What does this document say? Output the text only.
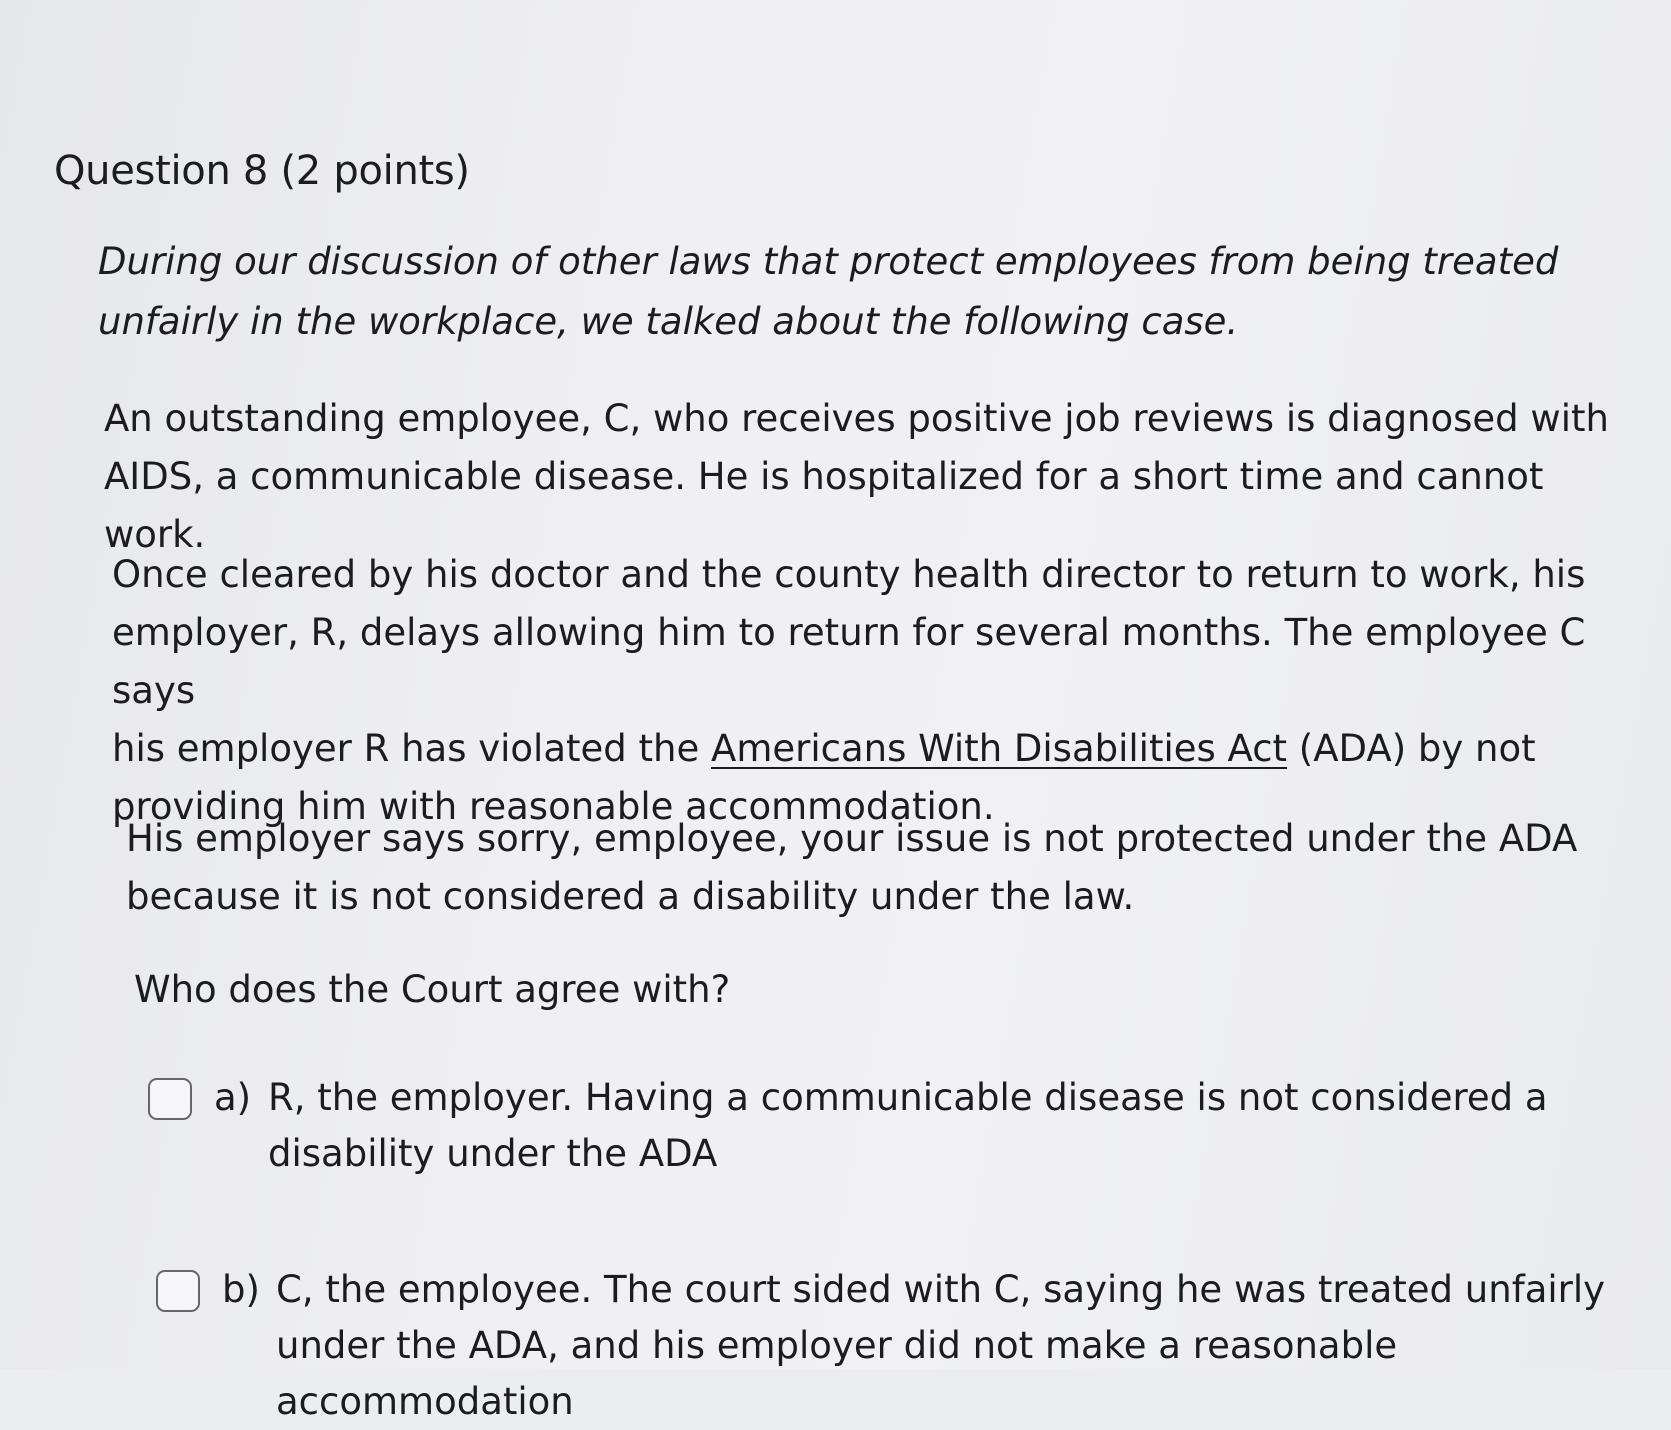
Question 8 (2 points)
During our discussion of other laws that protect employees from being treated
unfairly in the workplace, we talked about the following case.
An outstanding employee, C, who receives positive job reviews is diagnosed with
AIDS, a communicable disease. He is hospitalized for a short time and cannot work.
Once cleared by his doctor and the county health director to return to work, his
employer, R, delays allowing him to return for several months. The employee C says
his employer R has violated the Americans With Disabilities Act (ADA) by not
providing him with reasonable accommodation.
His employer says sorry, employee, your issue is not protected under the ADA
because it is not considered a disability under the law.
Who does the Court agree with?
a) R, the employer. Having a communicable disease is not considered a
disability under the ADA
b) C, the employee. The court sided with C, saying he was treated unfairly
under the ADA, and his employer did not make a reasonable accommodation
